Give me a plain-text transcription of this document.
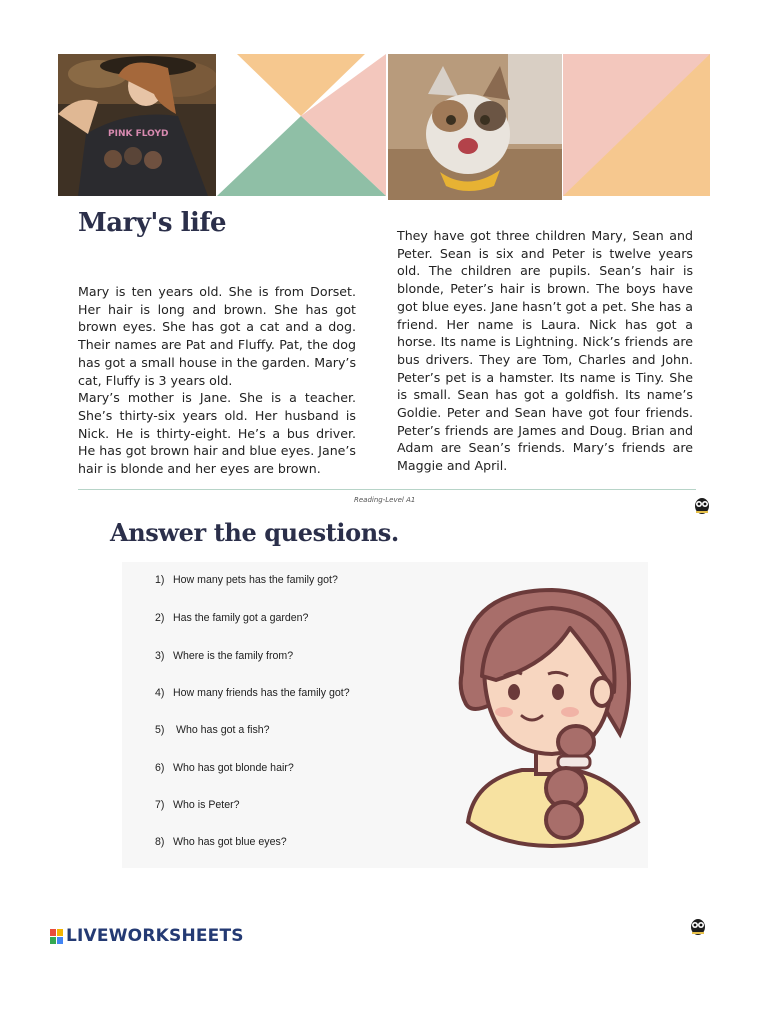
PINK FLOYD
Mary's life

Mary is ten years old. She is from Dorset. Her hair is long and brown. She has got brown eyes. She has got a cat and a dog. Their names are Pat and Fluffy. Pat, the dog has got a small house in the garden. Mary’s cat, Fluffy is 3 years old.

Mary’s mother is Jane. She is a teacher. She’s thirty-six years old. Her husband is Nick. He is thirty-eight. He’s a bus driver. He has got brown hair and blue eyes. Jane’s hair is blonde and her eyes are brown.

They have got three children Mary, Sean and Peter. Sean is six and Peter is twelve years old. The children are pupils. Sean’s hair is blonde, Peter’s hair is brown. The boys have got blue eyes. Jane hasn’t got a pet. She has a friend. Her name is Laura. Nick has got a horse. Its name is Lightning. Nick’s friends are bus drivers. They are Tom, Charles and John. Peter’s pet is a hamster. Its name is Tiny. She is small. Sean has got a goldfish. Its name’s Goldie. Peter and Sean have got four friends. Peter’s friends are James and Doug. Brian and Adam are Sean’s friends. Mary’s friends are Maggie and April.

Reading-Level A1
Answer the questions.
1) How many pets has the family got?
2) Has the family got a garden?
3) Where is the family from?
4) How many friends has the family got?
5) Who has got a fish?
6) Who has got blonde hair?
7) Who is Peter?
8) Who has got blue eyes?
LIVEWORKSHEETS
